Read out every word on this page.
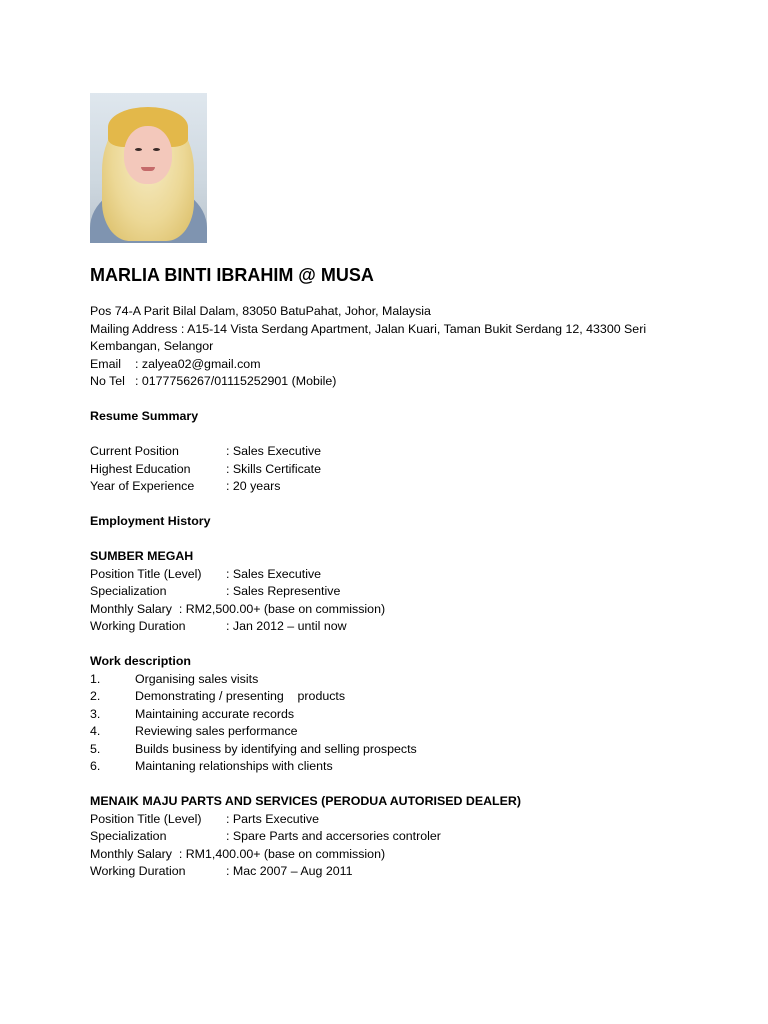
MARLIA BINTI IBRAHIM @ MUSA
Pos 74-A Parit Bilal Dalam, 83050 BatuPahat, Johor, Malaysia
Mailing Address : A15-14 Vista Serdang Apartment, Jalan Kuari, Taman Bukit Serdang 12, 43300 Seri Kembangan, Selangor
Email	: zalyea02@gmail.com
No Tel : 0177756267/01115252901 (Mobile)
Resume Summary
Current Position	: Sales Executive
Highest Education	: Skills Certificate
Year of Experience	: 20 years
Employment History
SUMBER MEGAH
Position Title (Level)	: Sales Executive
Specialization	: Sales Representive
Monthly Salary  : RM2,500.00+ (base on commission)
Working Duration	: Jan 2012 – until now
Work description
1.	Organising sales visits
2.	Demonstrating / presenting    products
3.	Maintaining accurate records
4.	Reviewing sales performance
5.	Builds business by identifying and selling prospects
6.	Maintaning relationships with clients
MENAIK MAJU PARTS AND SERVICES (PERODUA AUTORISED DEALER)
Position Title (Level)	: Parts Executive
Specialization	: Spare Parts and accersories controler
Monthly Salary  : RM1,400.00+ (base on commission)
Working Duration	: Mac 2007 – Aug 2011
